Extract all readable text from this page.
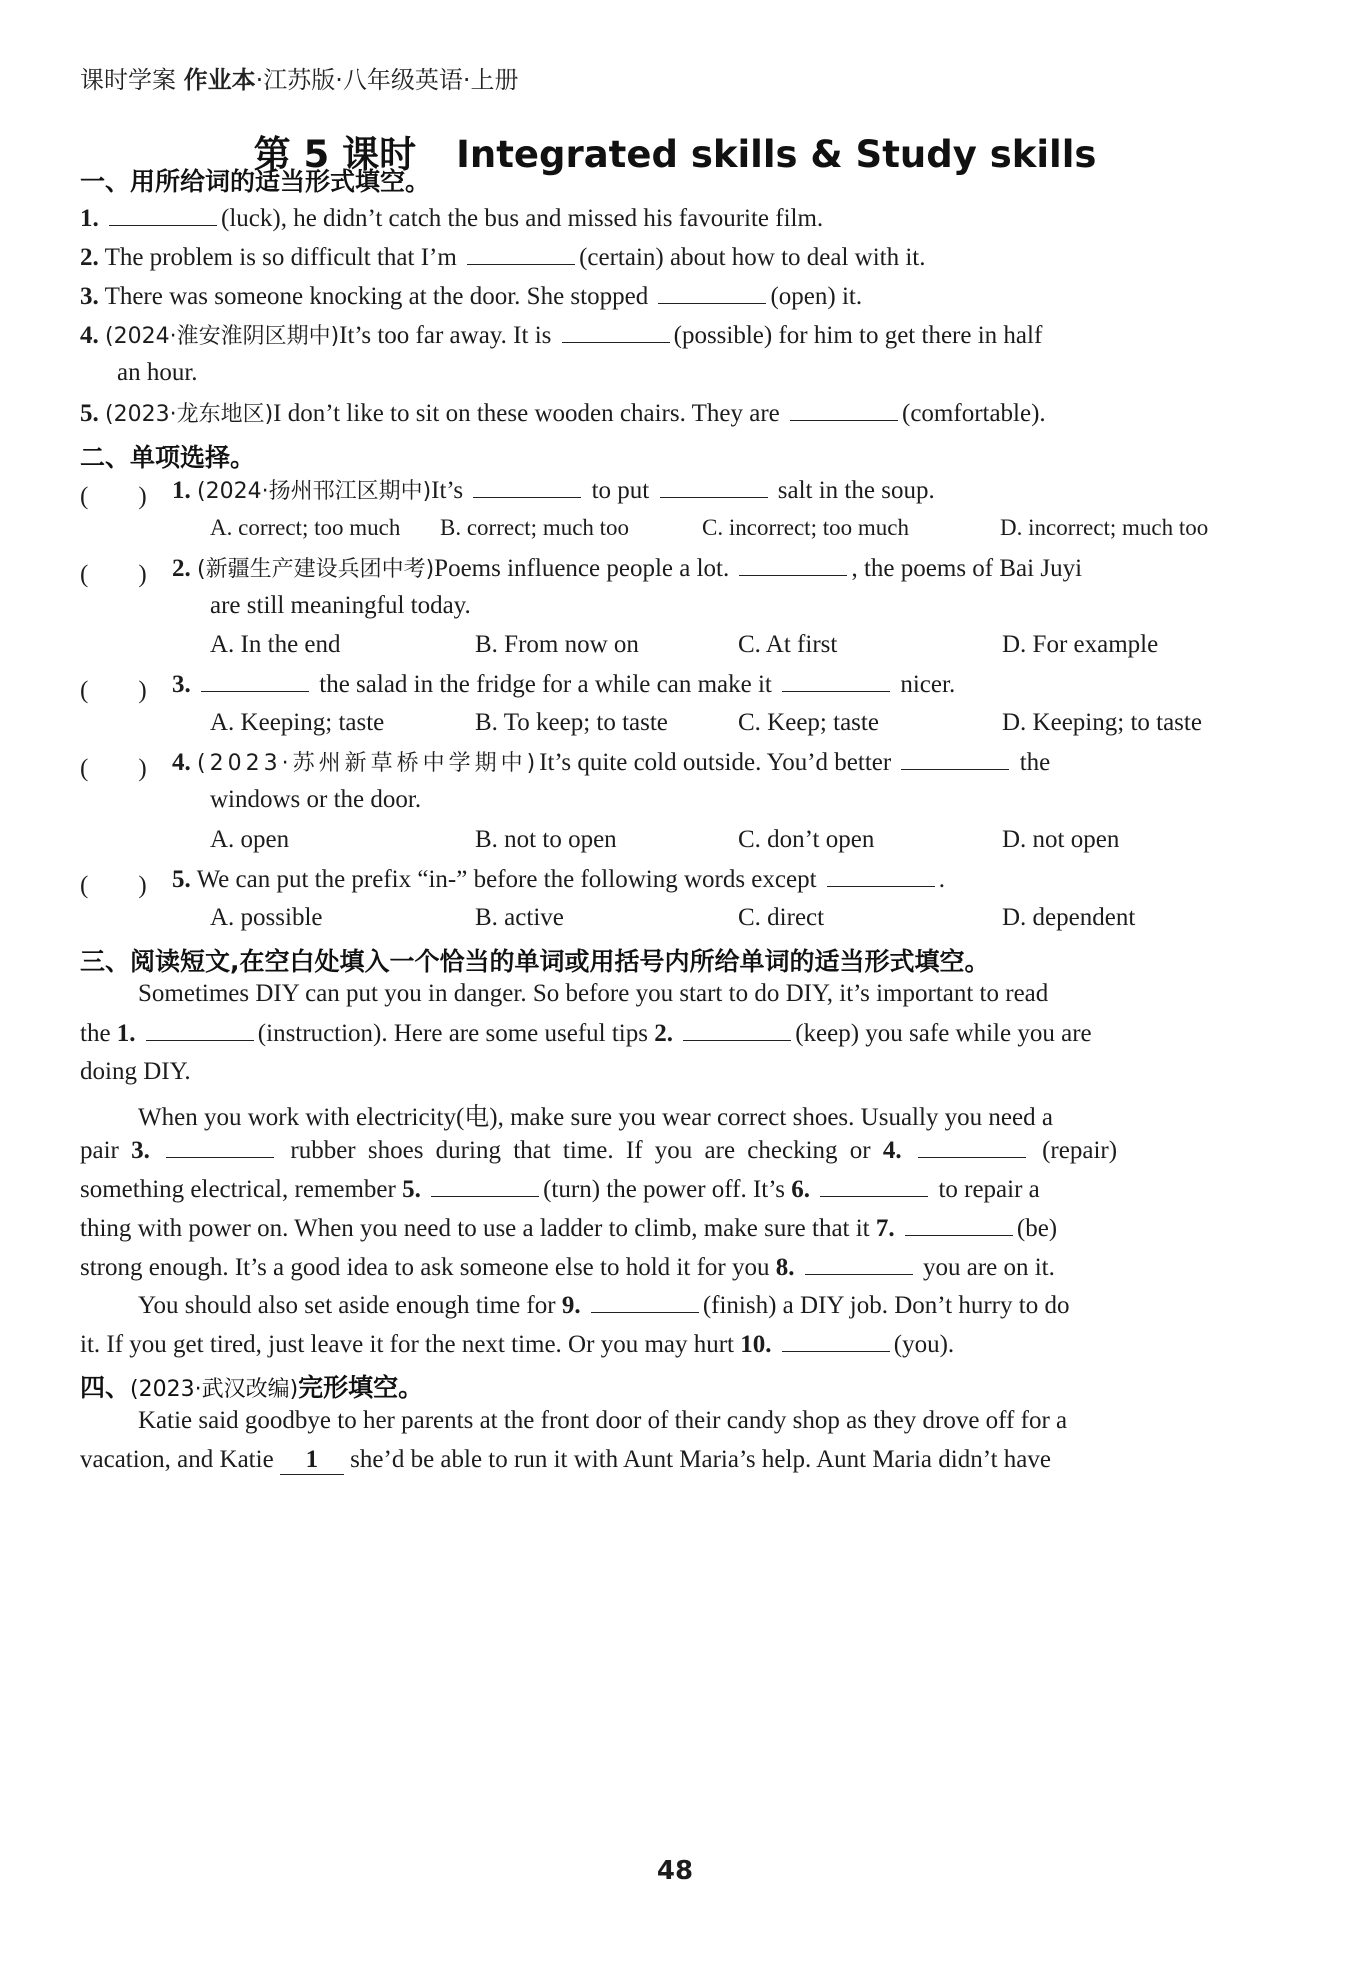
课时学案 作业本·江苏版·八年级英语·上册
第 5 课时 Integrated skills & Study skills
一、用所给词的适当形式填空。
1.	(luck), he didn’t catch the bus and missed his favourite film.
2. The problem is so difficult that I’m	(certain) about how to deal with it.
3. There was someone knocking at the door. She stopped	(open) it.
4. (2024·淮安淮阴区期中)It’s too far away. It is	(possible) for him to get there in half
an hour.
5. (2023·龙东地区)I don’t like to sit on these wooden chairs. They are	(comfortable).
二、单项选择。
(　　) 1. (2024·扬州邗江区期中)It’s	to put	salt in the soup.
A. correct; too much B. correct; much too	C. incorrect; too much	D. incorrect; much too
(　　) 2. (新疆生产建设兵团中考)Poems influence people a lot.	, the poems of Bai Juyi
are still meaningful today.
A. In the end	B. From now on	C. At first	D. For example
(　　) 3.	the salad in the fridge for a while can make it	nicer.
A. Keeping; taste	B. To keep; to taste	C. Keep; taste	D. Keeping; to taste
(　　) 4. (2023·苏州新草桥中学期中)It’s quite cold outside. You’d better	the
windows or the door.
A. open	B. not to open	C. don’t open	D. not open
(　　) 5. We can put the prefix “in-” before the following words except	.
A. possible	B. active	C. direct	D. dependent
三、阅读短文,在空白处填入一个恰当的单词或用括号内所给单词的适当形式填空。
Sometimes DIY can put you in danger. So before you start to do DIY, it’s important to read
the 1.	(instruction). Here are some useful tips 2.	(keep) you safe while you are
doing DIY.
When you work with electricity(电), make sure you wear correct shoes. Usually you need a
pair 3.	rubber shoes during that time. If you are checking or 4.	(repair)
something electrical, remember 5.	(turn) the power off. It’s 6.	to repair a
thing with power on. When you need to use a ladder to climb, make sure that it 7.	(be)
strong enough. It’s a good idea to ask someone else to hold it for you 8.	you are on it.
You should also set aside enough time for 9.	(finish) a DIY job. Don’t hurry to do
it. If you get tired, just leave it for the next time. Or you may hurt 10.	(you).
四、(2023·武汉改编)完形填空。
Katie said goodbye to her parents at the front door of their candy shop as they drove off for a
vacation, and Katie 1 she’d be able to run it with Aunt Maria’s help. Aunt Maria didn’t have
48
